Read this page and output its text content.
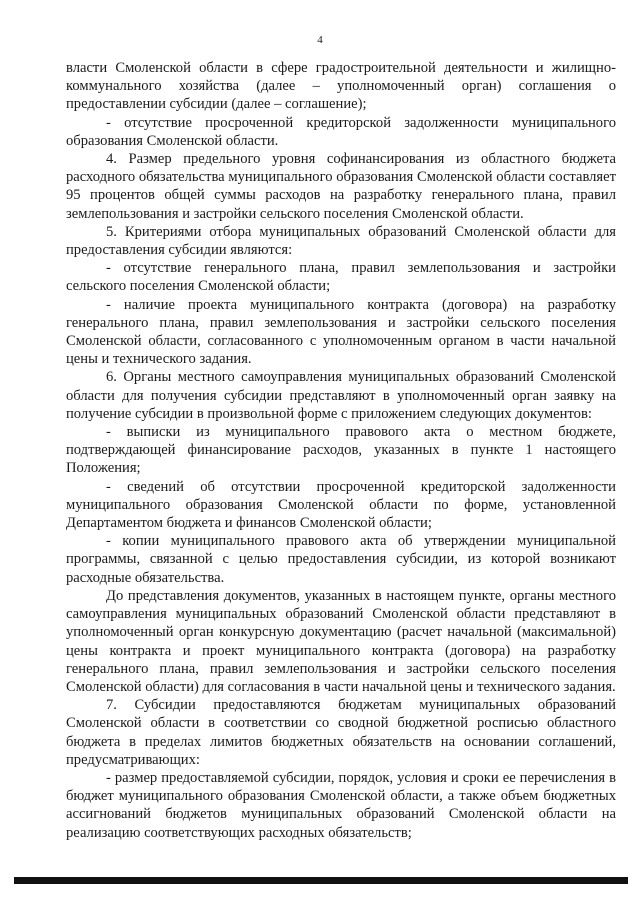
4

власти Смоленской области в сфере градостроительной деятельности и жилищно-коммунального хозяйства (далее – уполномоченный орган) соглашения о предоставлении субсидии (далее – соглашение);

- отсутствие просроченной кредиторской задолженности муниципального образования Смоленской области.

4. Размер предельного уровня софинансирования из областного бюджета расходного обязательства муниципального образования Смоленской области составляет 95 процентов общей суммы расходов на разработку генерального плана, правил землепользования и застройки сельского поселения Смоленской области.

5. Критериями отбора муниципальных образований Смоленской области для предоставления субсидии являются:

- отсутствие генерального плана, правил землепользования и застройки сельского поселения Смоленской области;

- наличие проекта муниципального контракта (договора) на разработку генерального плана, правил землепользования и застройки сельского поселения Смоленской области, согласованного с уполномоченным органом в части начальной цены и технического задания.

6. Органы местного самоуправления муниципальных образований Смоленской области для получения субсидии представляют в уполномоченный орган заявку на получение субсидии в произвольной форме с приложением следующих документов:

- выписки из муниципального правового акта о местном бюджете, подтверждающей финансирование расходов, указанных в пункте 1 настоящего Положения;

- сведений об отсутствии просроченной кредиторской задолженности муниципального образования Смоленской области по форме, установленной Департаментом бюджета и финансов Смоленской области;

- копии муниципального правового акта об утверждении муниципальной программы, связанной с целью предоставления субсидии, из которой возникают расходные обязательства.

До представления документов, указанных в настоящем пункте, органы местного самоуправления муниципальных образований Смоленской области представляют в уполномоченный орган конкурсную документацию (расчет начальной (максимальной) цены контракта и проект муниципального контракта (договора) на разработку генерального плана, правил землепользования и застройки сельского поселения Смоленской области) для согласования в части начальной цены и технического задания.

7. Субсидии предоставляются бюджетам муниципальных образований Смоленской области в соответствии со сводной бюджетной росписью областного бюджета в пределах лимитов бюджетных обязательств на основании соглашений, предусматривающих:

- размер предоставляемой субсидии, порядок, условия и сроки ее перечисления в бюджет муниципального образования Смоленской области, а также объем бюджетных ассигнований бюджетов муниципальных образований Смоленской области на реализацию соответствующих расходных обязательств;
